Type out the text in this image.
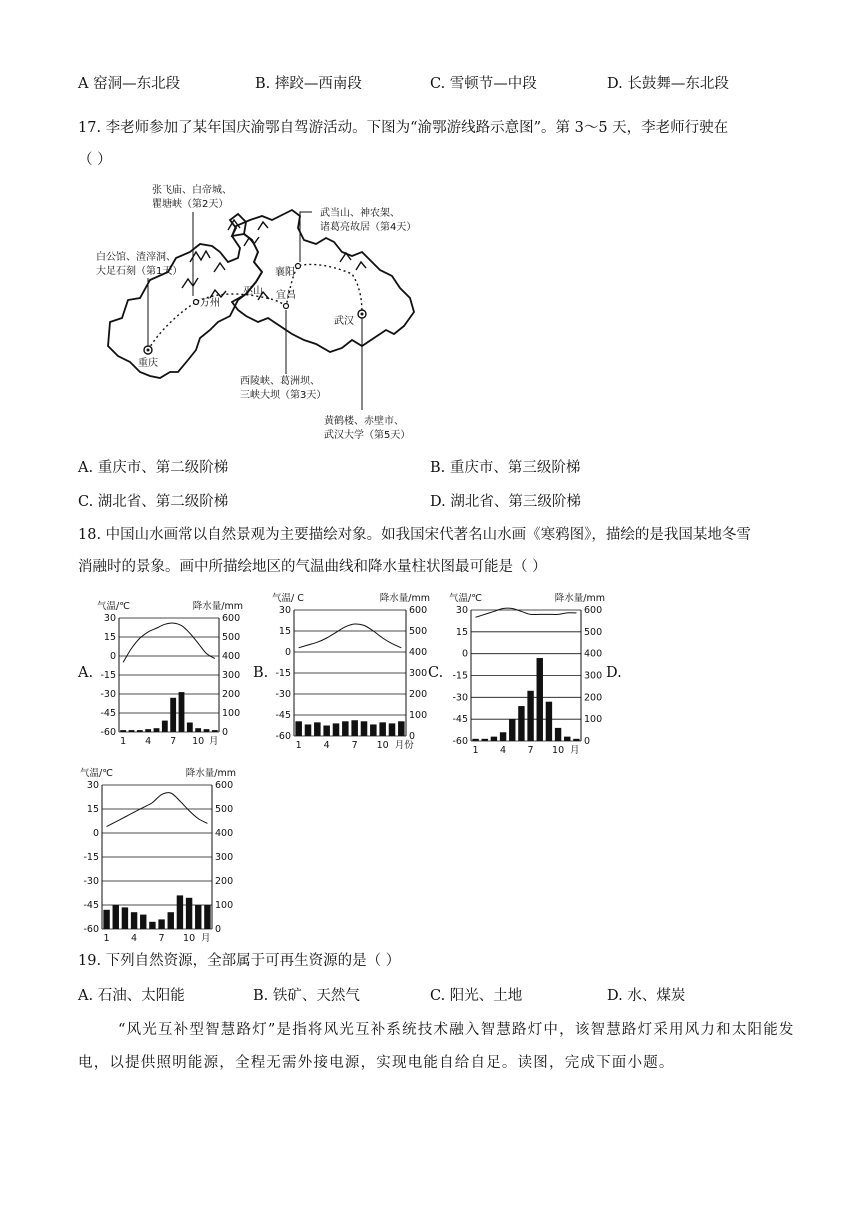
A 窑洞—东北段	B. 摔跤—西南段	C. 雪顿节—中段	D. 长鼓舞—东北段
17. 李老师参加了某年国庆渝鄂自驾游活动。下图为“渝鄂游线路示意图”。第 3～5 天，李老师行驶在
（ ）
重庆
万州
巫山 宜昌
襄阳
武汉
张飞庙、白帝城、
瞿塘峡（第2天）
武当山、神农架、
诸葛亮故居（第4天）
白公馆、渣滓洞、
大足石刻（第1天）
西陵峡、葛洲坝、
三峡大坝（第3天）
黄鹤楼、赤壁市、
武汉大学（第5天）
A. 重庆市、第二级阶梯	B. 重庆市、第三级阶梯
C. 湖北省、第二级阶梯	D. 湖北省、第三级阶梯
18. 中国山水画常以自然景观为主要描绘对象。如我国宋代著名山水画《寒鸦图》，描绘的是我国某地冬雪
消融时的景象。画中所描绘地区的气温曲线和降水量柱状图最可能是（ ）
A.	B.	C.	D.
气温/℃	降水量/mm
30	600
15	500
0	400
-15	300
-30	200
-45	100
-60	0
1 4 7 10 月
气温/ C	降水量/mm
30	600
15	500
0	400
-15	300
-30	200
-45	100
-60	0
1 4 7 10 月份
气温/℃	降水量/mm
30	600
15	500
0	400
-15	300
-30	200
-45	100
-60	0
1 4 7 10 月
气温/℃	降水量/mm
30	600
15	500
0	400
-15	300
-30	200
-45	100
-60	0
1 4 7 10 月
19. 下列自然资源，全部属于可再生资源的是（ ）
A. 石油、太阳能	B. 铁矿、天然气	C. 阳光、土地	D. 水、煤炭
“风光互补型智慧路灯”是指将风光互补系统技术融入智慧路灯中，该智慧路灯采用风力和太阳能发
电，以提供照明能源，全程无需外接电源，实现电能自给自足。读图，完成下面小题。
